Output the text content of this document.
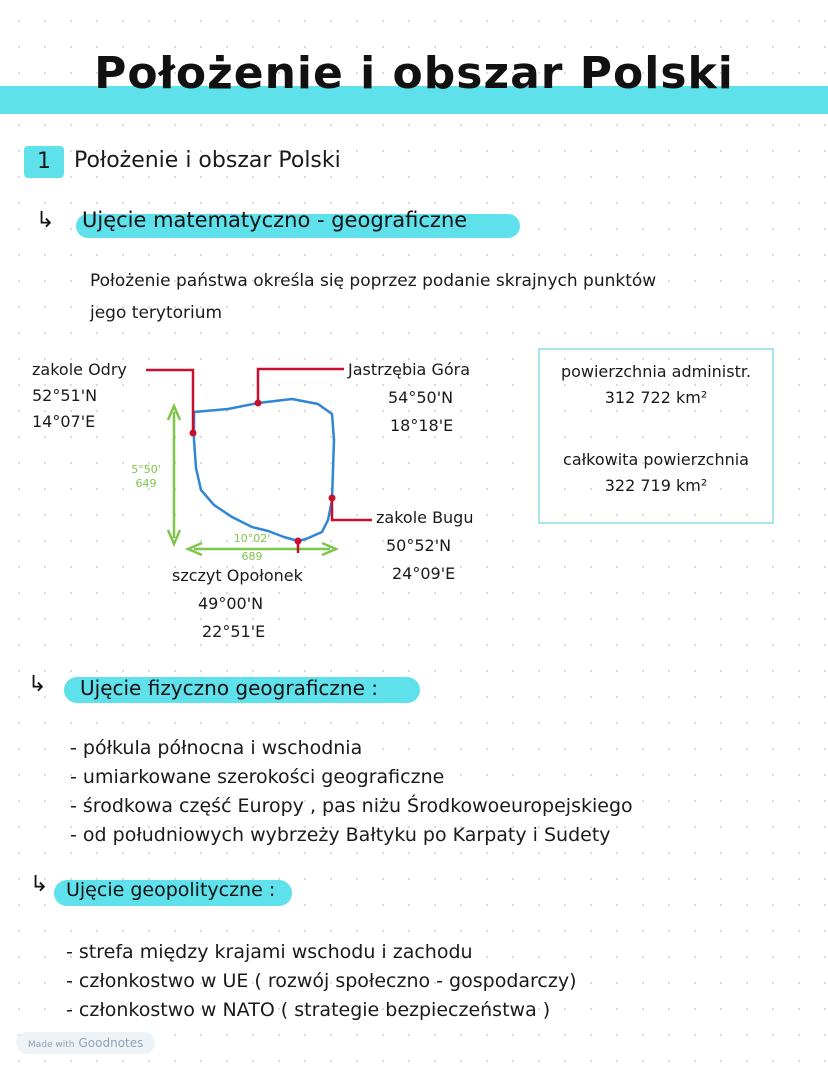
Położenie i obszar Polski
1	Położenie i obszar Polski
↳ Ujęcie matematyczno - geograficzne
Położenie państwa określa się poprzez podanie skrajnych punktów
jego terytorium
5°50'
649
10°02'
689
zakole Odry
52°51'N
14°07'E
Jastrzębia Góra
54°50'N
18°18'E
zakole Bugu
50°52'N
24°09'E
szczyt Opołonek
49°00'N
22°51'E
powierzchnia administr.
312 722 km²
całkowita powierzchnia
322 719 km²
↳ Ujęcie fizyczno geograficzne :
- półkula północna i wschodnia
- umiarkowane szerokości geograficzne
- środkowa część Europy , pas niżu Środkowoeuropejskiego
- od południowych wybrzeży Bałtyku po Karpaty i Sudety
↳ Ujęcie geopolityczne :
- strefa między krajami wschodu i zachodu
- członkostwo w UE ( rozwój społeczno - gospodarczy)
- członkostwo w NATO ( strategie bezpieczeństwa )
Made with Goodnotes
